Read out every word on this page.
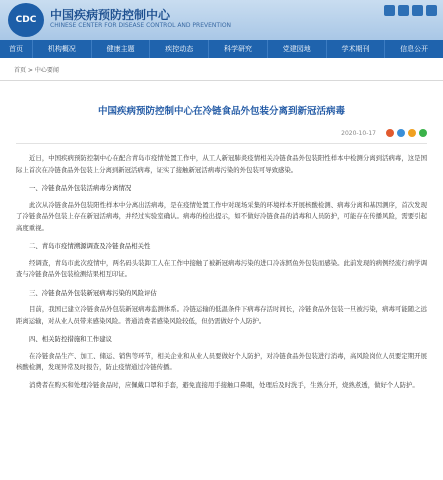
CDC	中国疾病预防控制中心
CHINESE CENTER FOR DISEASE CONTROL AND PREVENTION
首页	机构概况	健康主题	疾控动态	科学研究	党建园地	学术期刊	信息公开
首页 > 中心要闻
中国疾病预防控制中心在冷链食品外包装分离到新冠活病毒
2020-10-17

近日，中国疾病预防控制中心在配合青岛市疫情处置工作中，从工人新冠肺炎疫情相关冷链食品外包装阳性样本中检测分离到活病毒，这是国际上首次在冷链食品外包装上分离到新冠活病毒，证实了接触新冠活病毒污染的外包装可导致感染。

一、冷链食品外包装活病毒分离情况

此次从冷链食品外包装阳性样本中分离出活病毒，是在疫情处置工作中对现场采集的环境样本开展核酸检测、病毒分离和基因测序，首次发现了冷链食品外包装上存在新冠活病毒，并经过实验室确认。病毒的检出提示，如不做好冷链食品的消毒和人员防护，可能存在传播风险，需要引起高度重视。

二、青岛市疫情溯源调查及冷链食品相关性

经调查，青岛市此次疫情中，两名码头装卸工人在工作中接触了被新冠病毒污染的进口冷冻鳕鱼外包装而感染。此前发现的病例经流行病学调查与冷链食品外包装检测结果相互印证。

三、冷链食品外包装新冠病毒污染的风险评估

目前，我国已建立冷链食品外包装新冠病毒监测体系。冷链运输的低温条件下病毒存活时间长，冷链食品外包装一旦被污染，病毒可能随之远距离运输，对从业人员带来感染风险。普通消费者感染风险较低，但仍需做好个人防护。

四、相关防控措施和工作建议

在冷链食品生产、加工、储运、销售等环节，相关企业和从业人员要做好个人防护，对冷链食品外包装进行消毒，高风险岗位人员要定期开展核酸检测，发现异常及时报告，防止疫情通过冷链传播。

消费者在购买和处理冷链食品时，应佩戴口罩和手套，避免直接用手接触口鼻眼，处理后及时洗手，生熟分开，烧熟煮透，做好个人防护。
